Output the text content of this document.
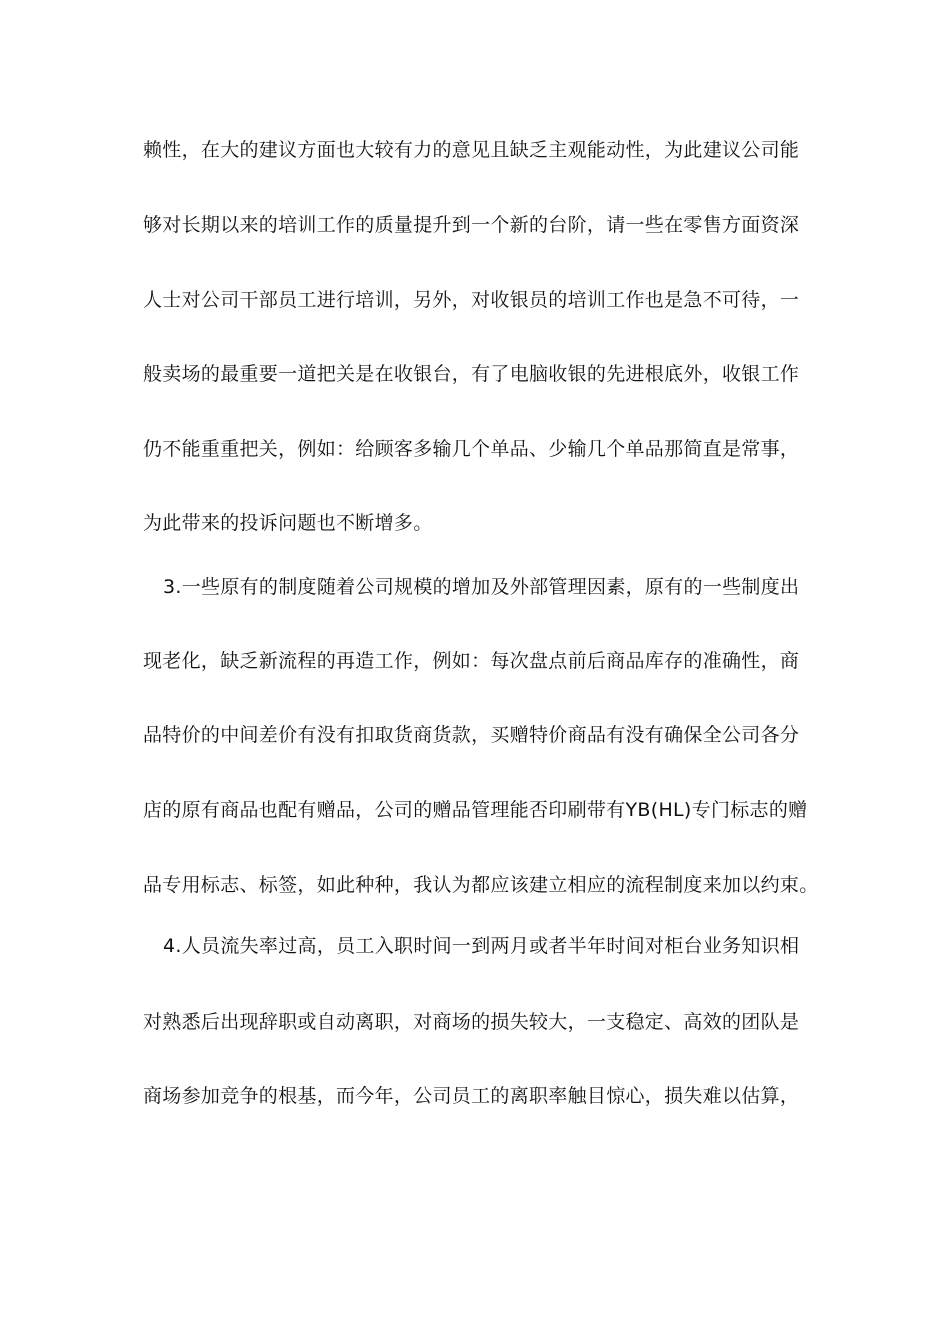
赖性，在大的建议方面也大较有力的意见且缺乏主观能动性，为此建议公司能
够对长期以来的培训工作的质量提升到一个新的台阶，请一些在零售方面资深
人士对公司干部员工进行培训，另外，对收银员的培训工作也是急不可待，一
般卖场的最重要一道把关是在收银台，有了电脑收银的先进根底外，收银工作
仍不能重重把关，例如：给顾客多输几个单品、少输几个单品那简直是常事，
为此带来的投诉问题也不断增多。
3.一些原有的制度随着公司规模的增加及外部管理因素，原有的一些制度出
现老化，缺乏新流程的再造工作，例如：每次盘点前后商品库存的准确性，商
品特价的中间差价有没有扣取货商货款，买赠特价商品有没有确保全公司各分
店的原有商品也配有赠品，公司的赠品管理能否印刷带有YB(HL)专门标志的赠
品专用标志、标签，如此种种，我认为都应该建立相应的流程制度来加以约束。
4.人员流失率过高，员工入职时间一到两月或者半年时间对柜台业务知识相
对熟悉后出现辞职或自动离职，对商场的损失较大，一支稳定、高效的团队是
商场参加竞争的根基，而今年，公司员工的离职率触目惊心，损失难以估算，
